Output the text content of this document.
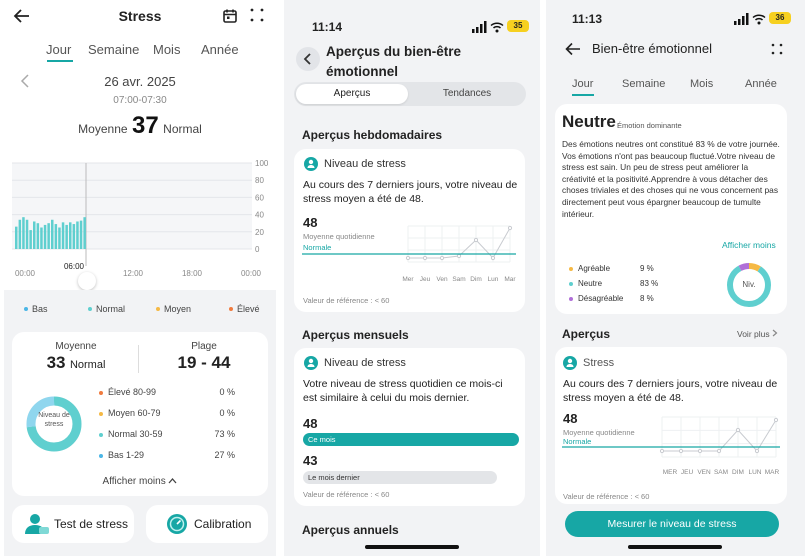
Stress
Jour Semaine Mois Année
26 avr. 2025
07:00-07:30
Moyenne 37 Normal
100
80
60
40
20
0
00:00
06:00
12:00	18:00	00:00
Bas	Normal	Moyen	Élevé
Moyenne
33 Normal
Plage
19 - 44
Niveau de stress
Élevé 80-99	0 %
Moyen 60-79	0 %
Normal 30-59	73 %
Bas 1-29	27 %
Afficher moins
Test de stress	Calibration
11:14	35
Aperçus du bien-être émotionnel
Aperçus	Tendances
Aperçus hebdomadaires
Niveau de stress
Au cours des 7 derniers jours, votre niveau de stress moyen a été de 48.
48
Moyenne quotidienne
Normale
Mer Jeu Ven Sam Dim Lun Mar
Valeur de référence : < 60
Aperçus mensuels
Niveau de stress
Votre niveau de stress quotidien ce mois-ci est similaire à celui du mois dernier.
48
Ce mois
43
Le mois dernier
Valeur de référence : < 60
Aperçus annuels
11:13	36
Bien-être émotionnel
Jour	Semaine Mois	Année
Neutre Émotion dominante
Des émotions neutres ont constitué 83 % de votre journée. Vos émotions n'ont pas beaucoup fluctué.Votre niveau de stress est sain. Un peu de stress peut améliorer la créativité et la positivité.Apprendre à vous détacher des choses triviales et des choses qui ne vous concernent pas directement peut vous épargner beaucoup de tumulte intérieur.
Afficher moins
Agréable	9 %
Neutre	83 %
Désagréable 8 %
Niv.
Aperçus	Voir plus
Stress
Au cours des 7 derniers jours, votre niveau de stress moyen a été de 48.
48
Moyenne quotidienne
Normale
MER JEU VEN SAM DIM LUN MAR
Valeur de référence : < 60
Mesurer le niveau de stress
